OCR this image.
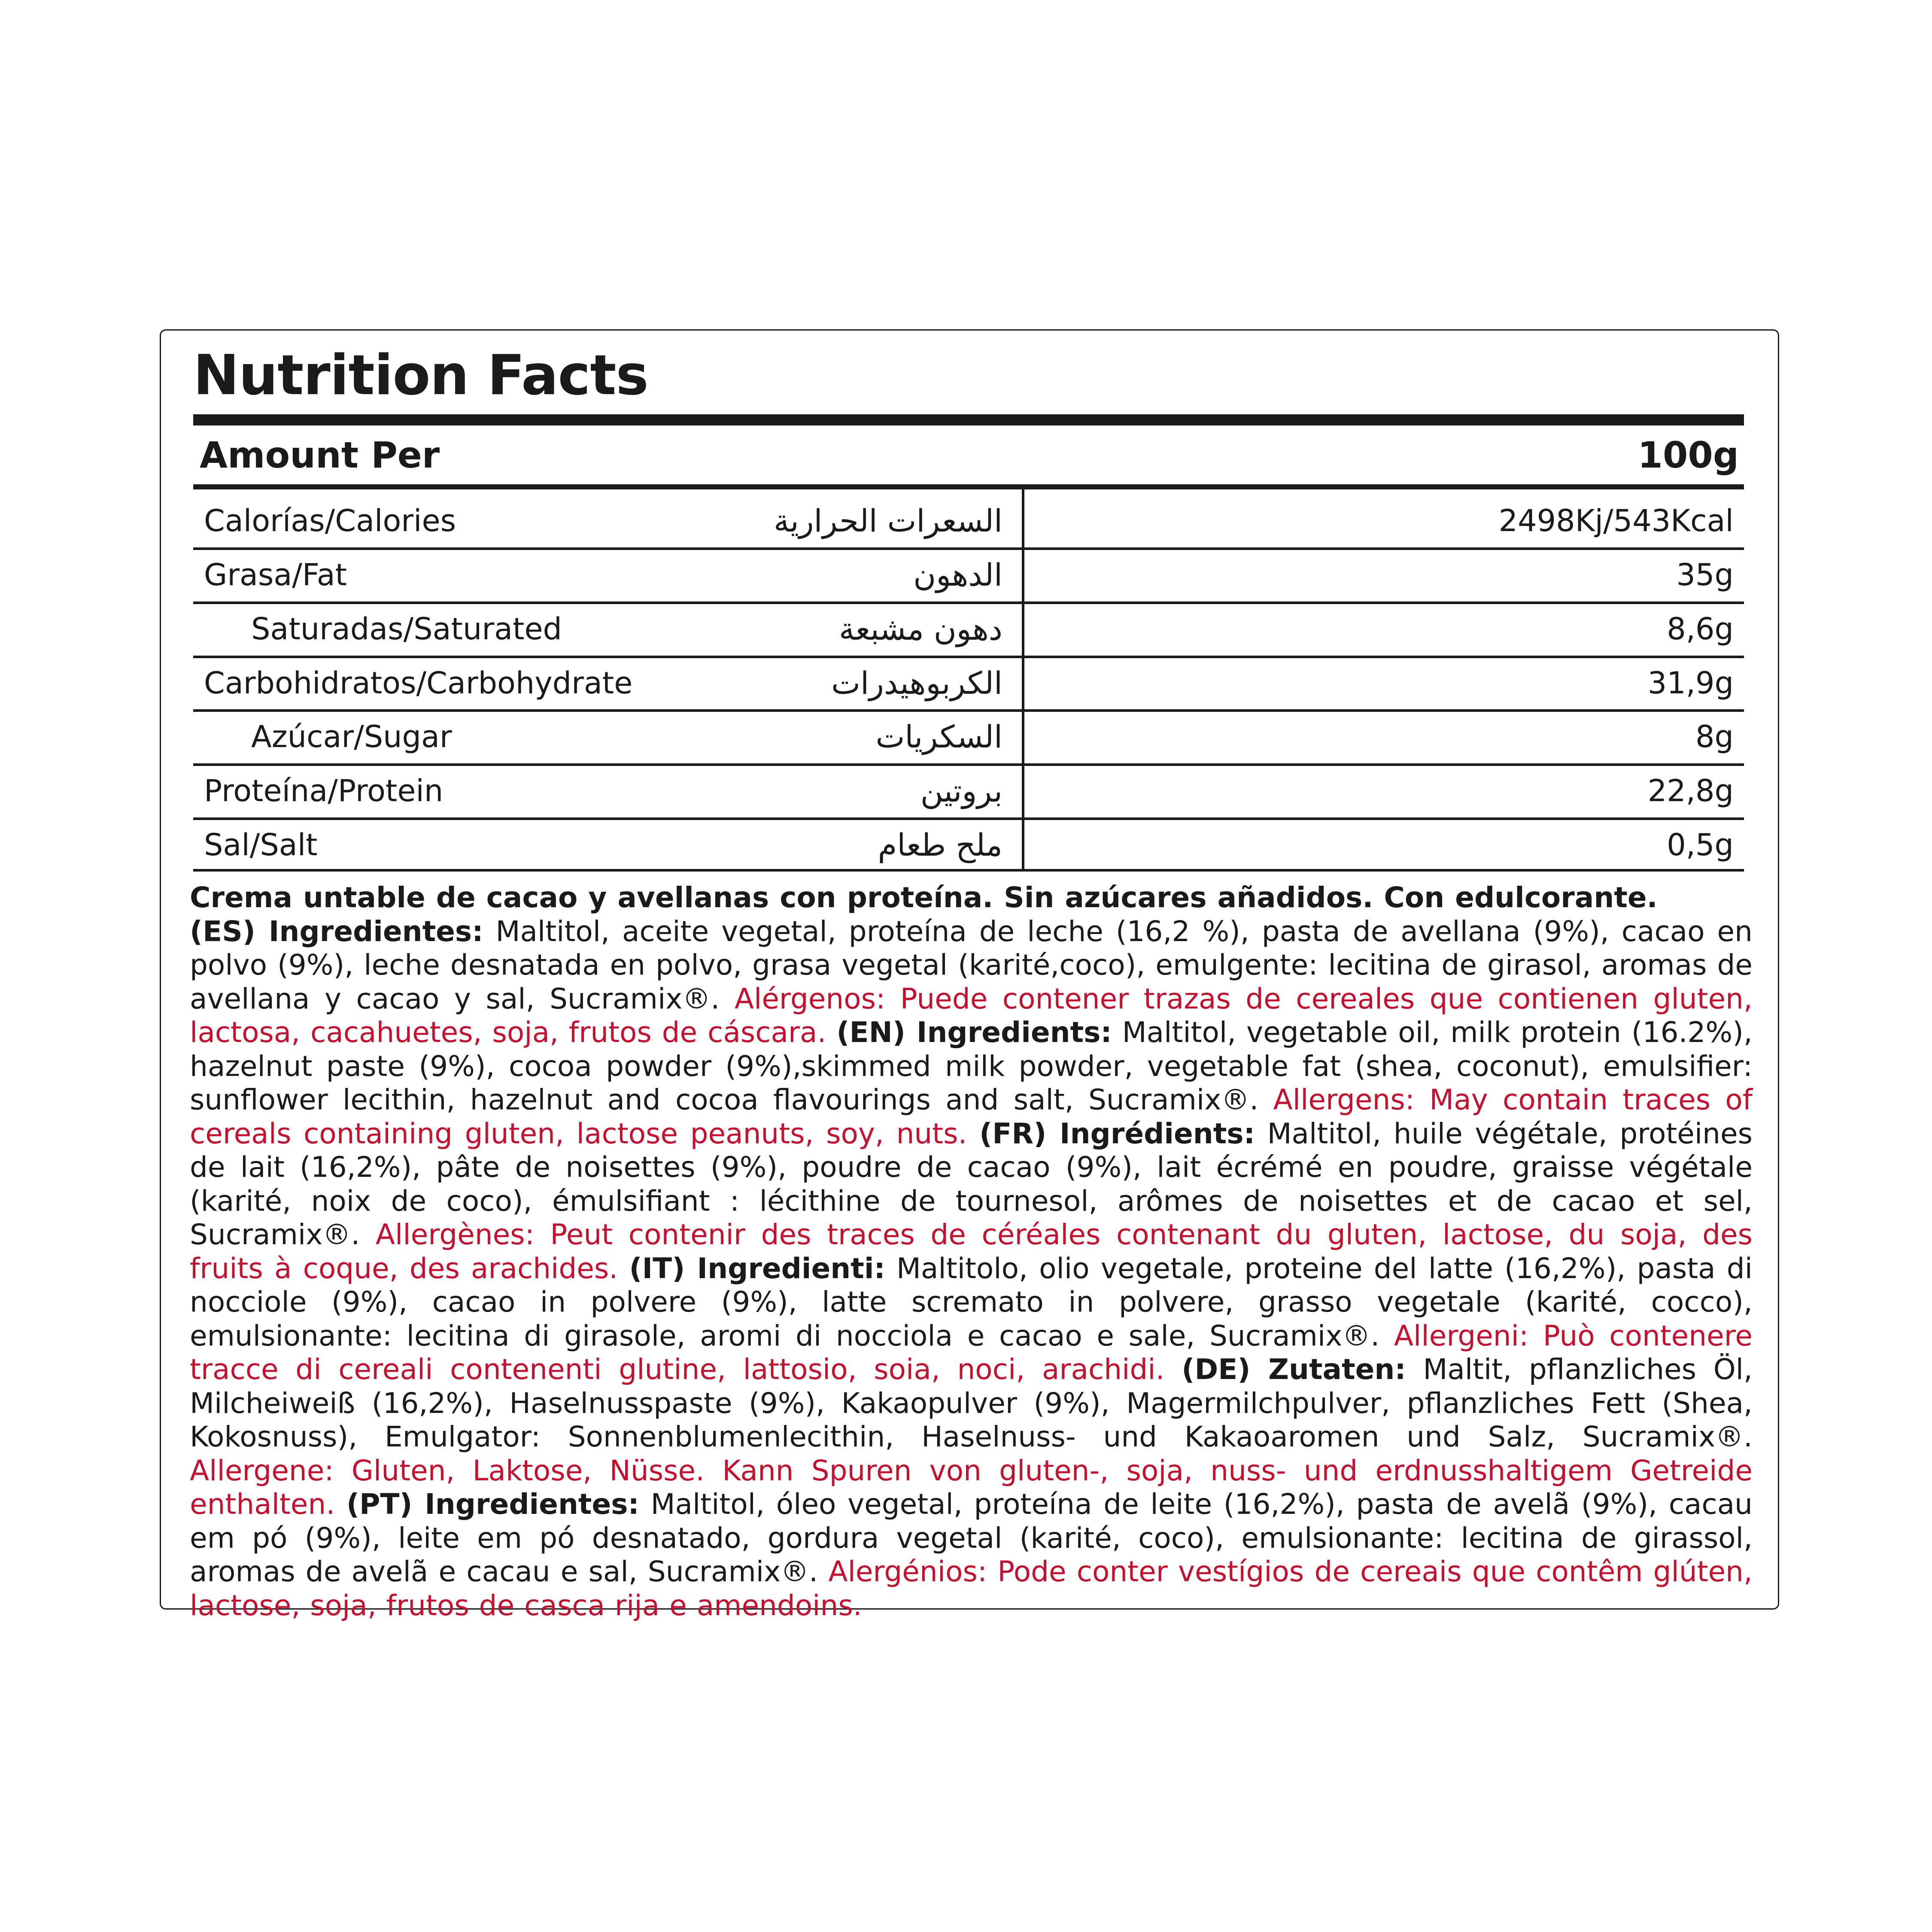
Nutrition Facts
Amount Per	100g
Calorías/Calories	السعرات الحرارية	2498Kj/543Kcal
Grasa/Fat	الدهون	35g
Saturadas/Saturated	دهون مشبعة	8,6g
Carbohidratos/Carbohydrate	الكربوهيدرات	31,9g
Azúcar/Sugar	السكريات	8g
Proteína/Protein	بروتين	22,8g
Sal/Salt	ملح طعام	0,5g
Crema untable de cacao y avellanas con proteína. Sin azúcares añadidos. Con edulcorante.
(ES) Ingredientes: Maltitol, aceite vegetal, proteína de leche (16,2 %), pasta de avellana (9%), cacao en polvo (9%), leche desnatada en polvo, grasa vegetal (karité,coco), emulgente: lecitina de girasol, aromas de avellana y cacao y sal, Sucramix®. Alérgenos: Puede contener trazas de cereales que contienen gluten, lactosa, cacahuetes, soja, frutos de cáscara. (EN) Ingredients: Maltitol, vegetable oil, milk protein (16.2%), hazelnut paste (9%), cocoa powder (9%),skimmed milk powder, vegetable fat (shea, coconut), emulsifier: sunflower lecithin, hazelnut and cocoa flavourings and salt, Sucramix®. Allergens: May contain traces of cereals containing gluten, lactose peanuts, soy, nuts. (FR) Ingrédients: Maltitol, huile végétale, protéines de lait (16,2%), pâte de noisettes (9%), poudre de cacao (9%), lait écrémé en poudre, graisse végétale (karité, noix de coco), émulsifiant : lécithine de tournesol, arômes de noisettes et de cacao et sel, Sucramix®. Allergènes: Peut contenir des traces de céréales contenant du gluten, lactose, du soja, des fruits à coque, des arachides. (IT) Ingredienti: Maltitolo, olio vegetale, proteine del latte (16,2%), pasta di nocciole (9%), cacao in polvere (9%), latte scremato in polvere, grasso vegetale (karité, cocco), emulsionante: lecitina di girasole, aromi di nocciola e cacao e sale, Sucramix®. Allergeni: Può contenere tracce di cereali contenenti glutine, lattosio, soia, noci, arachidi. (DE) Zutaten: Maltit, pflanzliches Öl, Milcheiweiß (16,2%), Haselnusspaste (9%), Kakaopulver (9%), Magermilchpulver, pflanzliches Fett (Shea, Kokosnuss), Emulgator: Sonnenblumenlecithin, Haselnuss- und Kakaoaromen und Salz, Sucramix®. Allergene: Gluten, Laktose, Nüsse. Kann Spuren von gluten-, soja, nuss- und erdnusshaltigem Getreide enthalten. (PT) Ingredientes: Maltitol, óleo vegetal, proteína de leite (16,2%), pasta de avelã (9%), cacau em pó (9%), leite em pó desnatado, gordura vegetal (karité, coco), emulsionante: lecitina de girassol, aromas de avelã e cacau e sal, Sucramix®. Alergénios: Pode conter vestígios de cereais que contêm glúten, lactose, soja, frutos de casca rija e amendoins.
